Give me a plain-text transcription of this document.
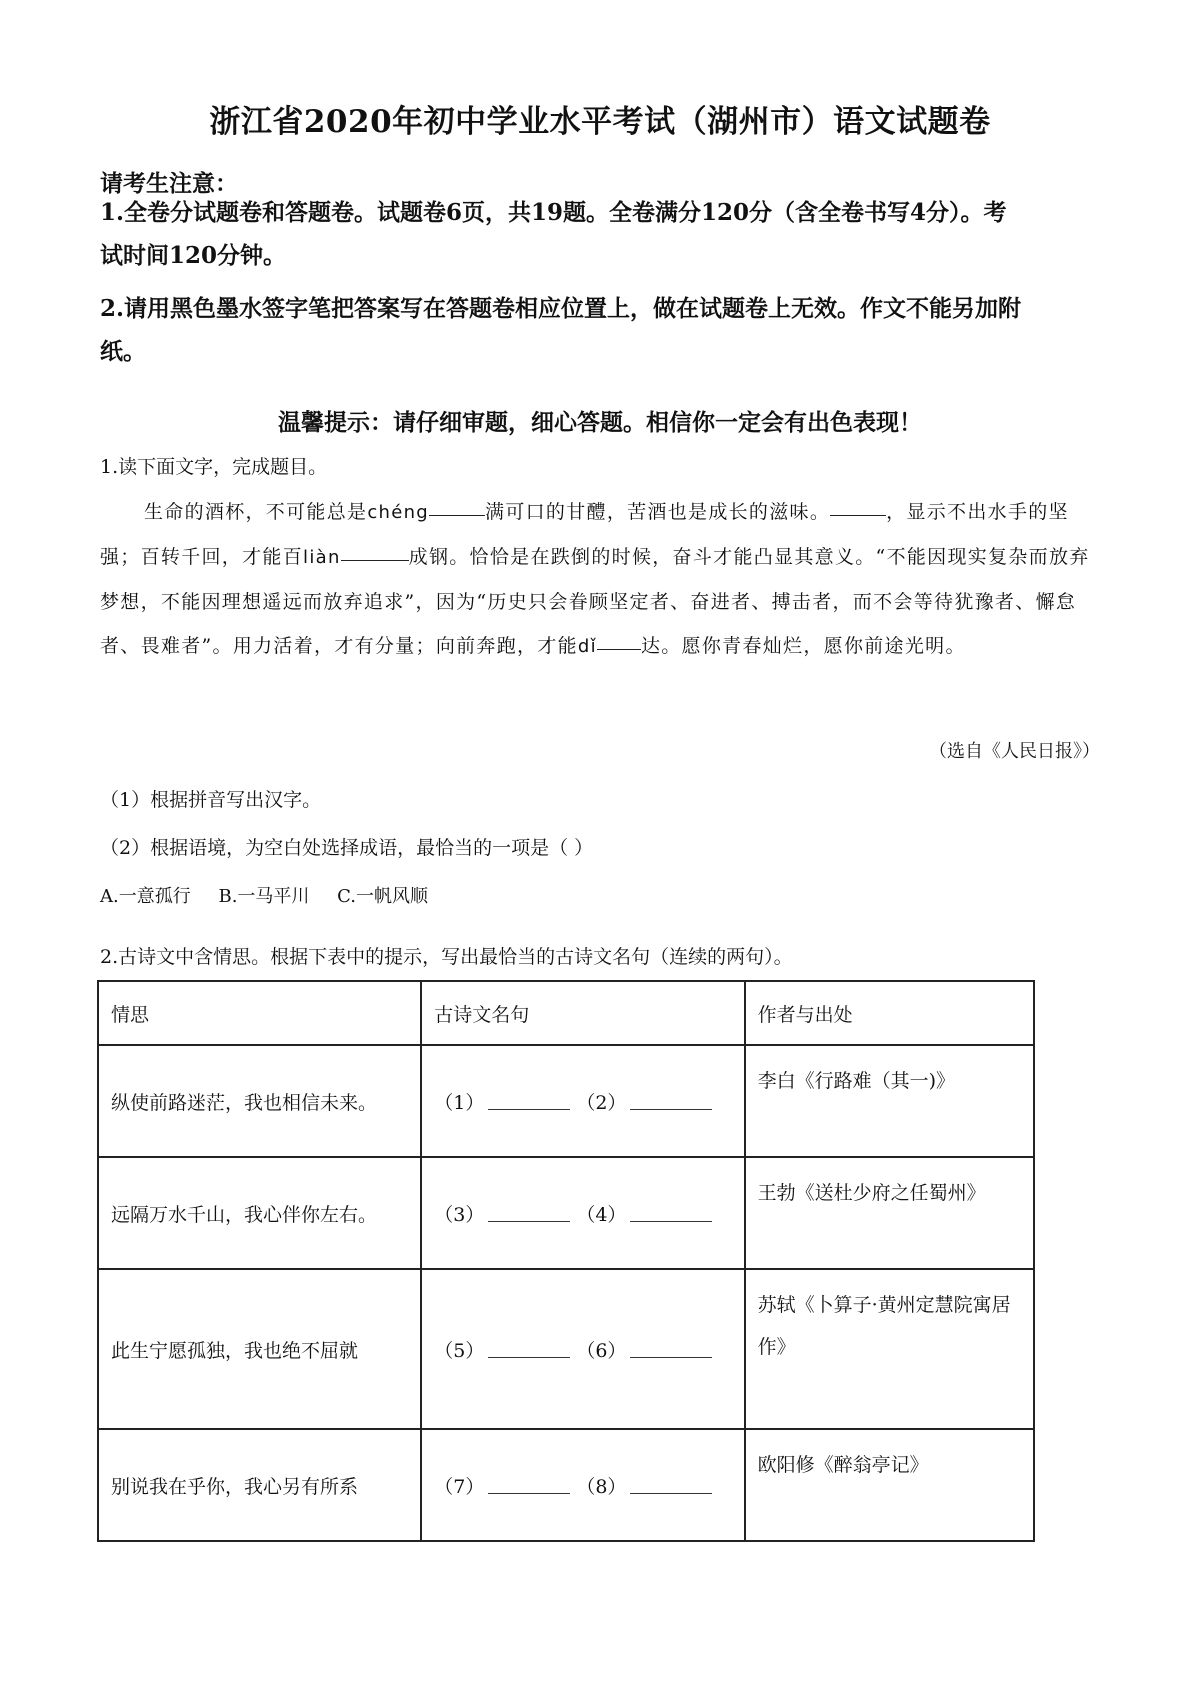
浙江省2020年初中学业水平考试（湖州市）语文试题卷
请考生注意：
1.全卷分试题卷和答题卷。试题卷6页，共19题。全卷满分120分（含全卷书写4分）。考
试时间120分钟。
2.请用黑色墨水签字笔把答案写在答题卷相应位置上，做在试题卷上无效。作文不能另加附
纸。
温馨提示：请仔细审题，细心答题。相信你一定会有出色表现！
1.读下面文字，完成题目。
生命的酒杯，不可能总是chéng	满可口的甘醴，苦酒也是成长的滋味。	，显示不出水手的坚强；百转千回，才能百liàn	成钢。恰恰是在跌倒的时候，奋斗才能凸显其意义。“不能因现实复杂而放弃梦想，不能因理想遥远而放弃追求”，因为“历史只会眷顾坚定者、奋进者、搏击者，而不会等待犹豫者、懈怠者、畏难者”。用力活着，才有分量；向前奔跑，才能dǐ 达。愿你青春灿烂，愿你前途光明。
（选自《人民日报》）
（1）根据拼音写出汉字。
（2）根据语境，为空白处选择成语，最恰当的一项是（ ）
A.一意孤行 B.一马平川 C.一帆风顺
2.古诗文中含情思。根据下表中的提示，写出最恰当的古诗文名句（连续的两句）。
情思	古诗文名句	作者与出处
纵使前路迷茫，我也相信未来。	（1） （2）	李白《行路难（其一)》
远隔万水千山，我心伴你左右。	（3） （4）	王勃《送杜少府之任蜀州》
此生宁愿孤独，我也绝不屈就	（5） （6）	苏轼《卜算子·黄州定慧院寓居作》
别说我在乎你，我心另有所系	（7） （8）	欧阳修《醉翁亭记》
